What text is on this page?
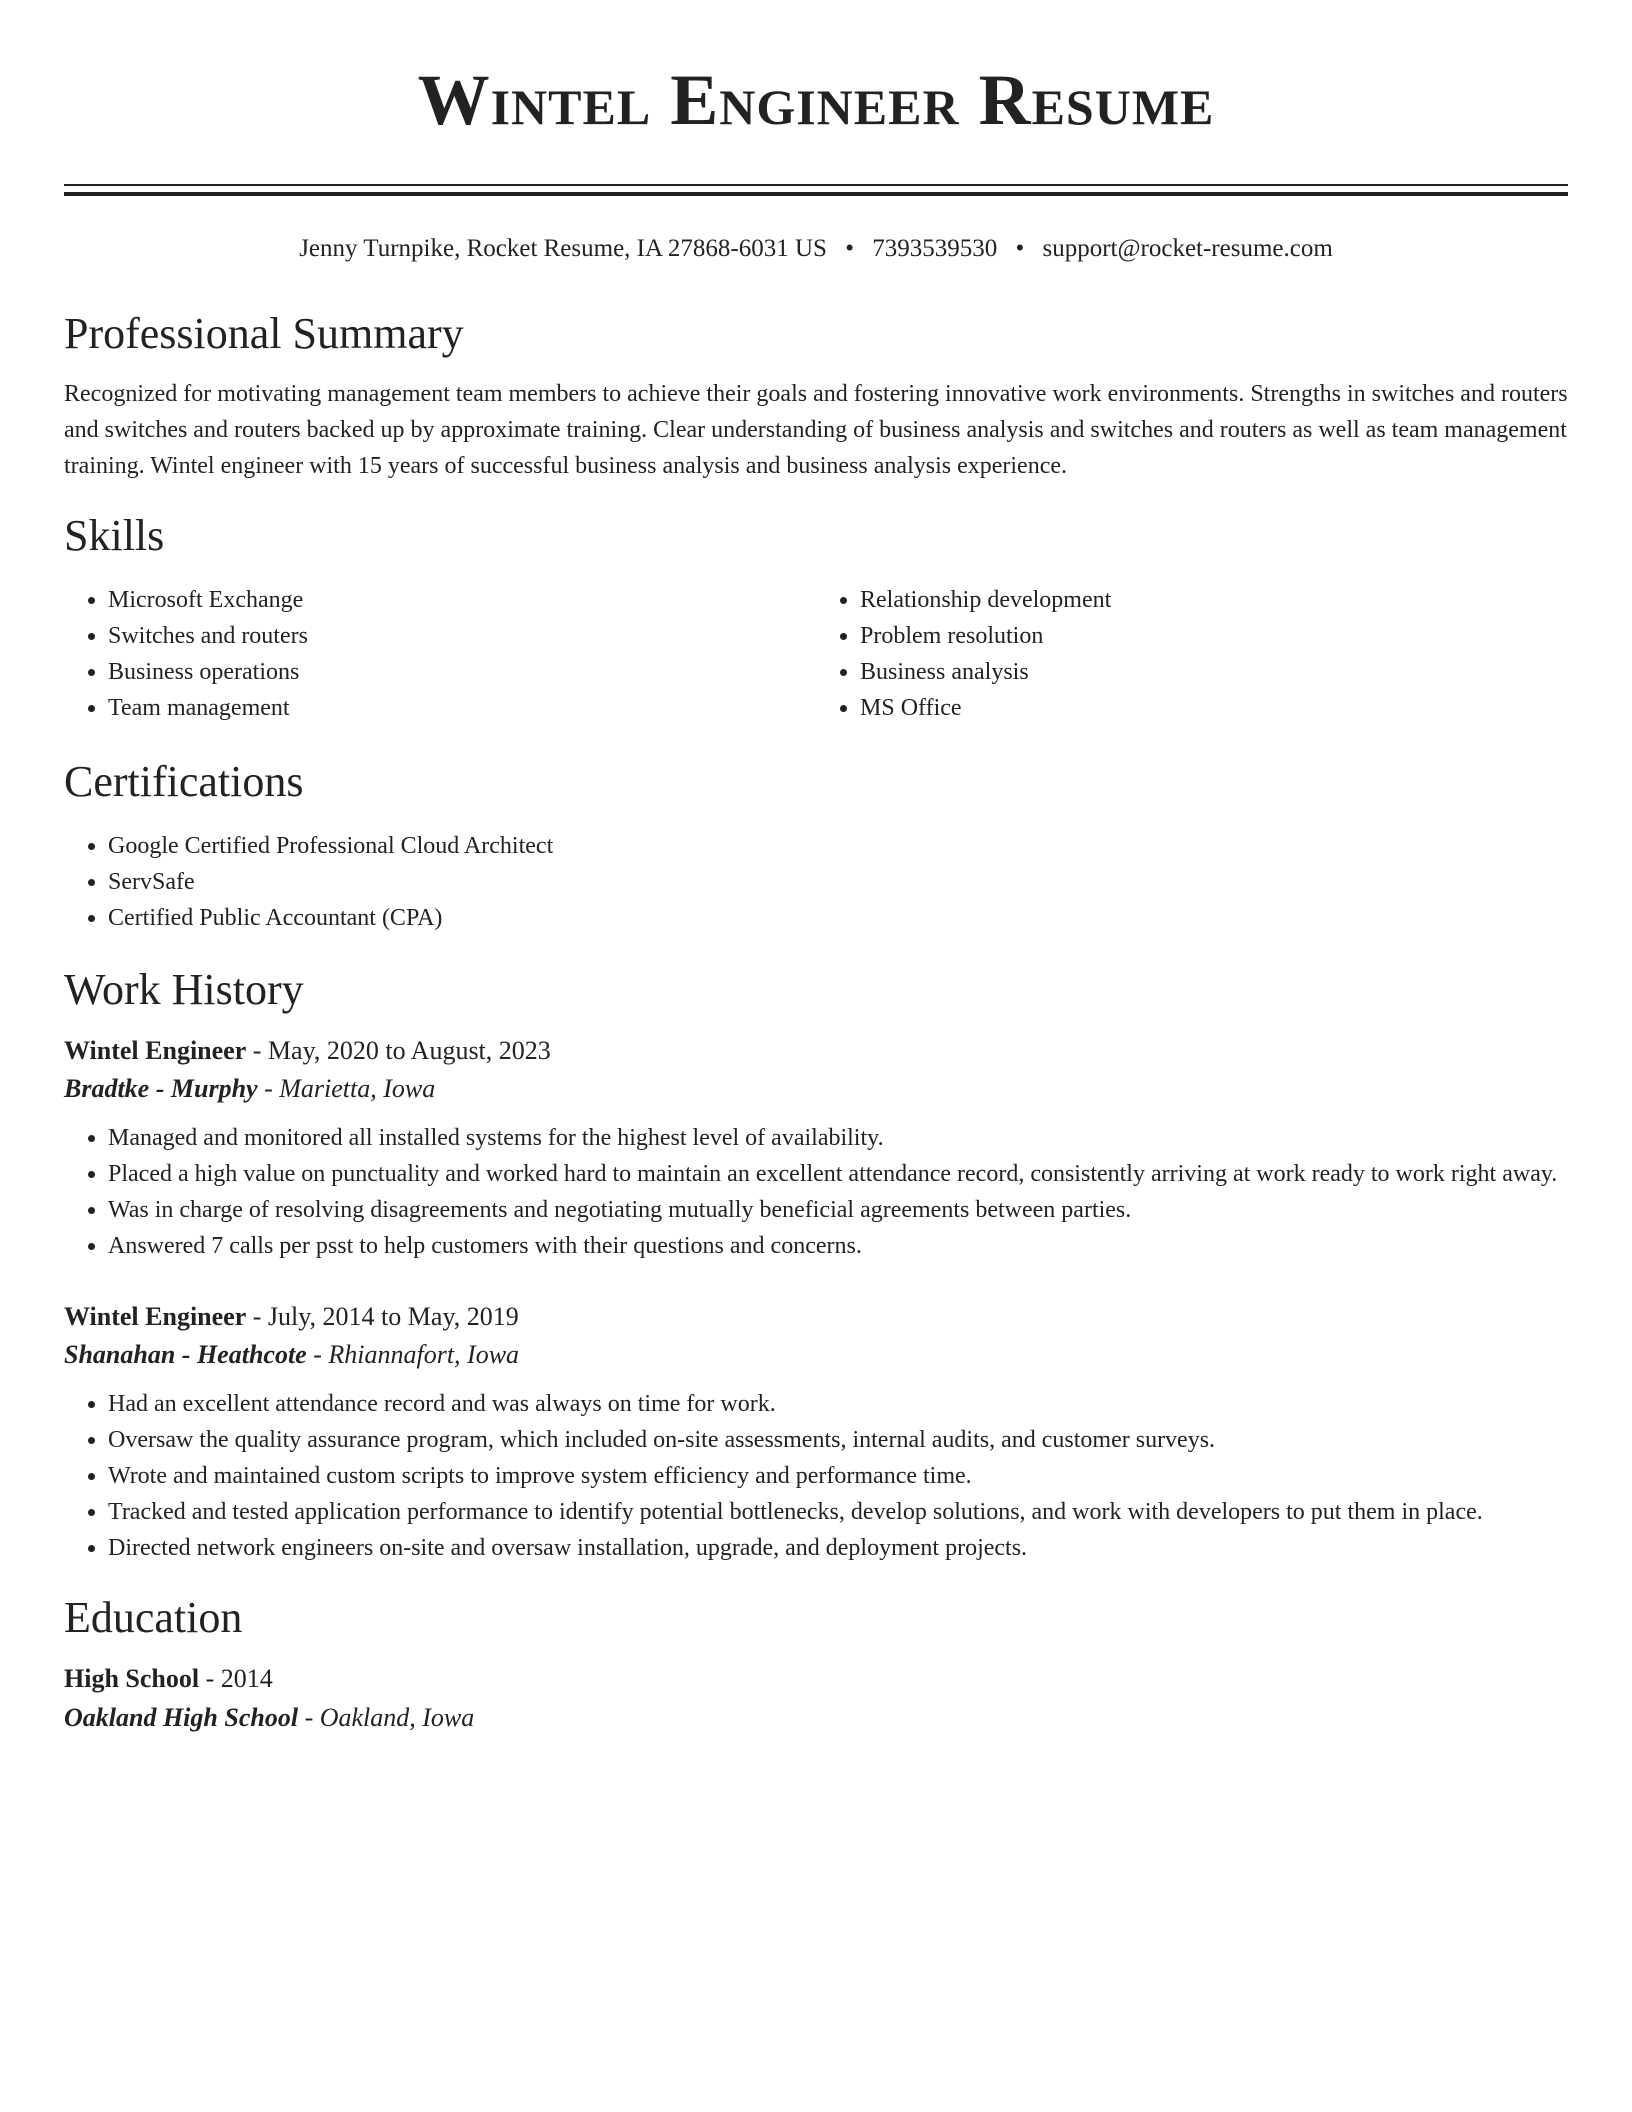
Wintel Engineer Resume
Jenny Turnpike, Rocket Resume, IA 27868-6031 US • 7393539530 • support@rocket-resume.com
Professional Summary

Recognized for motivating management team members to achieve their goals and fostering innovative work environments. Strengths in switches and routers and switches and routers backed up by approximate training. Clear understanding of business analysis and switches and routers as well as team management training. Wintel engineer with 15 years of successful business analysis and business analysis experience.

Skills
• Microsoft Exchange
• Switches and routers
• Business operations
• Team management
• Relationship development
• Problem resolution
• Business analysis
• MS Office
Certifications
• Google Certified Professional Cloud Architect
• ServSafe
• Certified Public Accountant (CPA)
Work History
Wintel Engineer - May, 2020 to August, 2023
Bradtke - Murphy - Marietta, Iowa
• Managed and monitored all installed systems for the highest level of availability.
• Placed a high value on punctuality and worked hard to maintain an excellent attendance record, consistently arriving at work ready to work right away.
• Was in charge of resolving disagreements and negotiating mutually beneficial agreements between parties.
• Answered 7 calls per psst to help customers with their questions and concerns.
Wintel Engineer - July, 2014 to May, 2019
Shanahan - Heathcote - Rhiannafort, Iowa
• Had an excellent attendance record and was always on time for work.
• Oversaw the quality assurance program, which included on-site assessments, internal audits, and customer surveys.
• Wrote and maintained custom scripts to improve system efficiency and performance time.
• Tracked and tested application performance to identify potential bottlenecks, develop solutions, and work with developers to put them in place.
• Directed network engineers on-site and oversaw installation, upgrade, and deployment projects.
Education
High School - 2014
Oakland High School - Oakland, Iowa
